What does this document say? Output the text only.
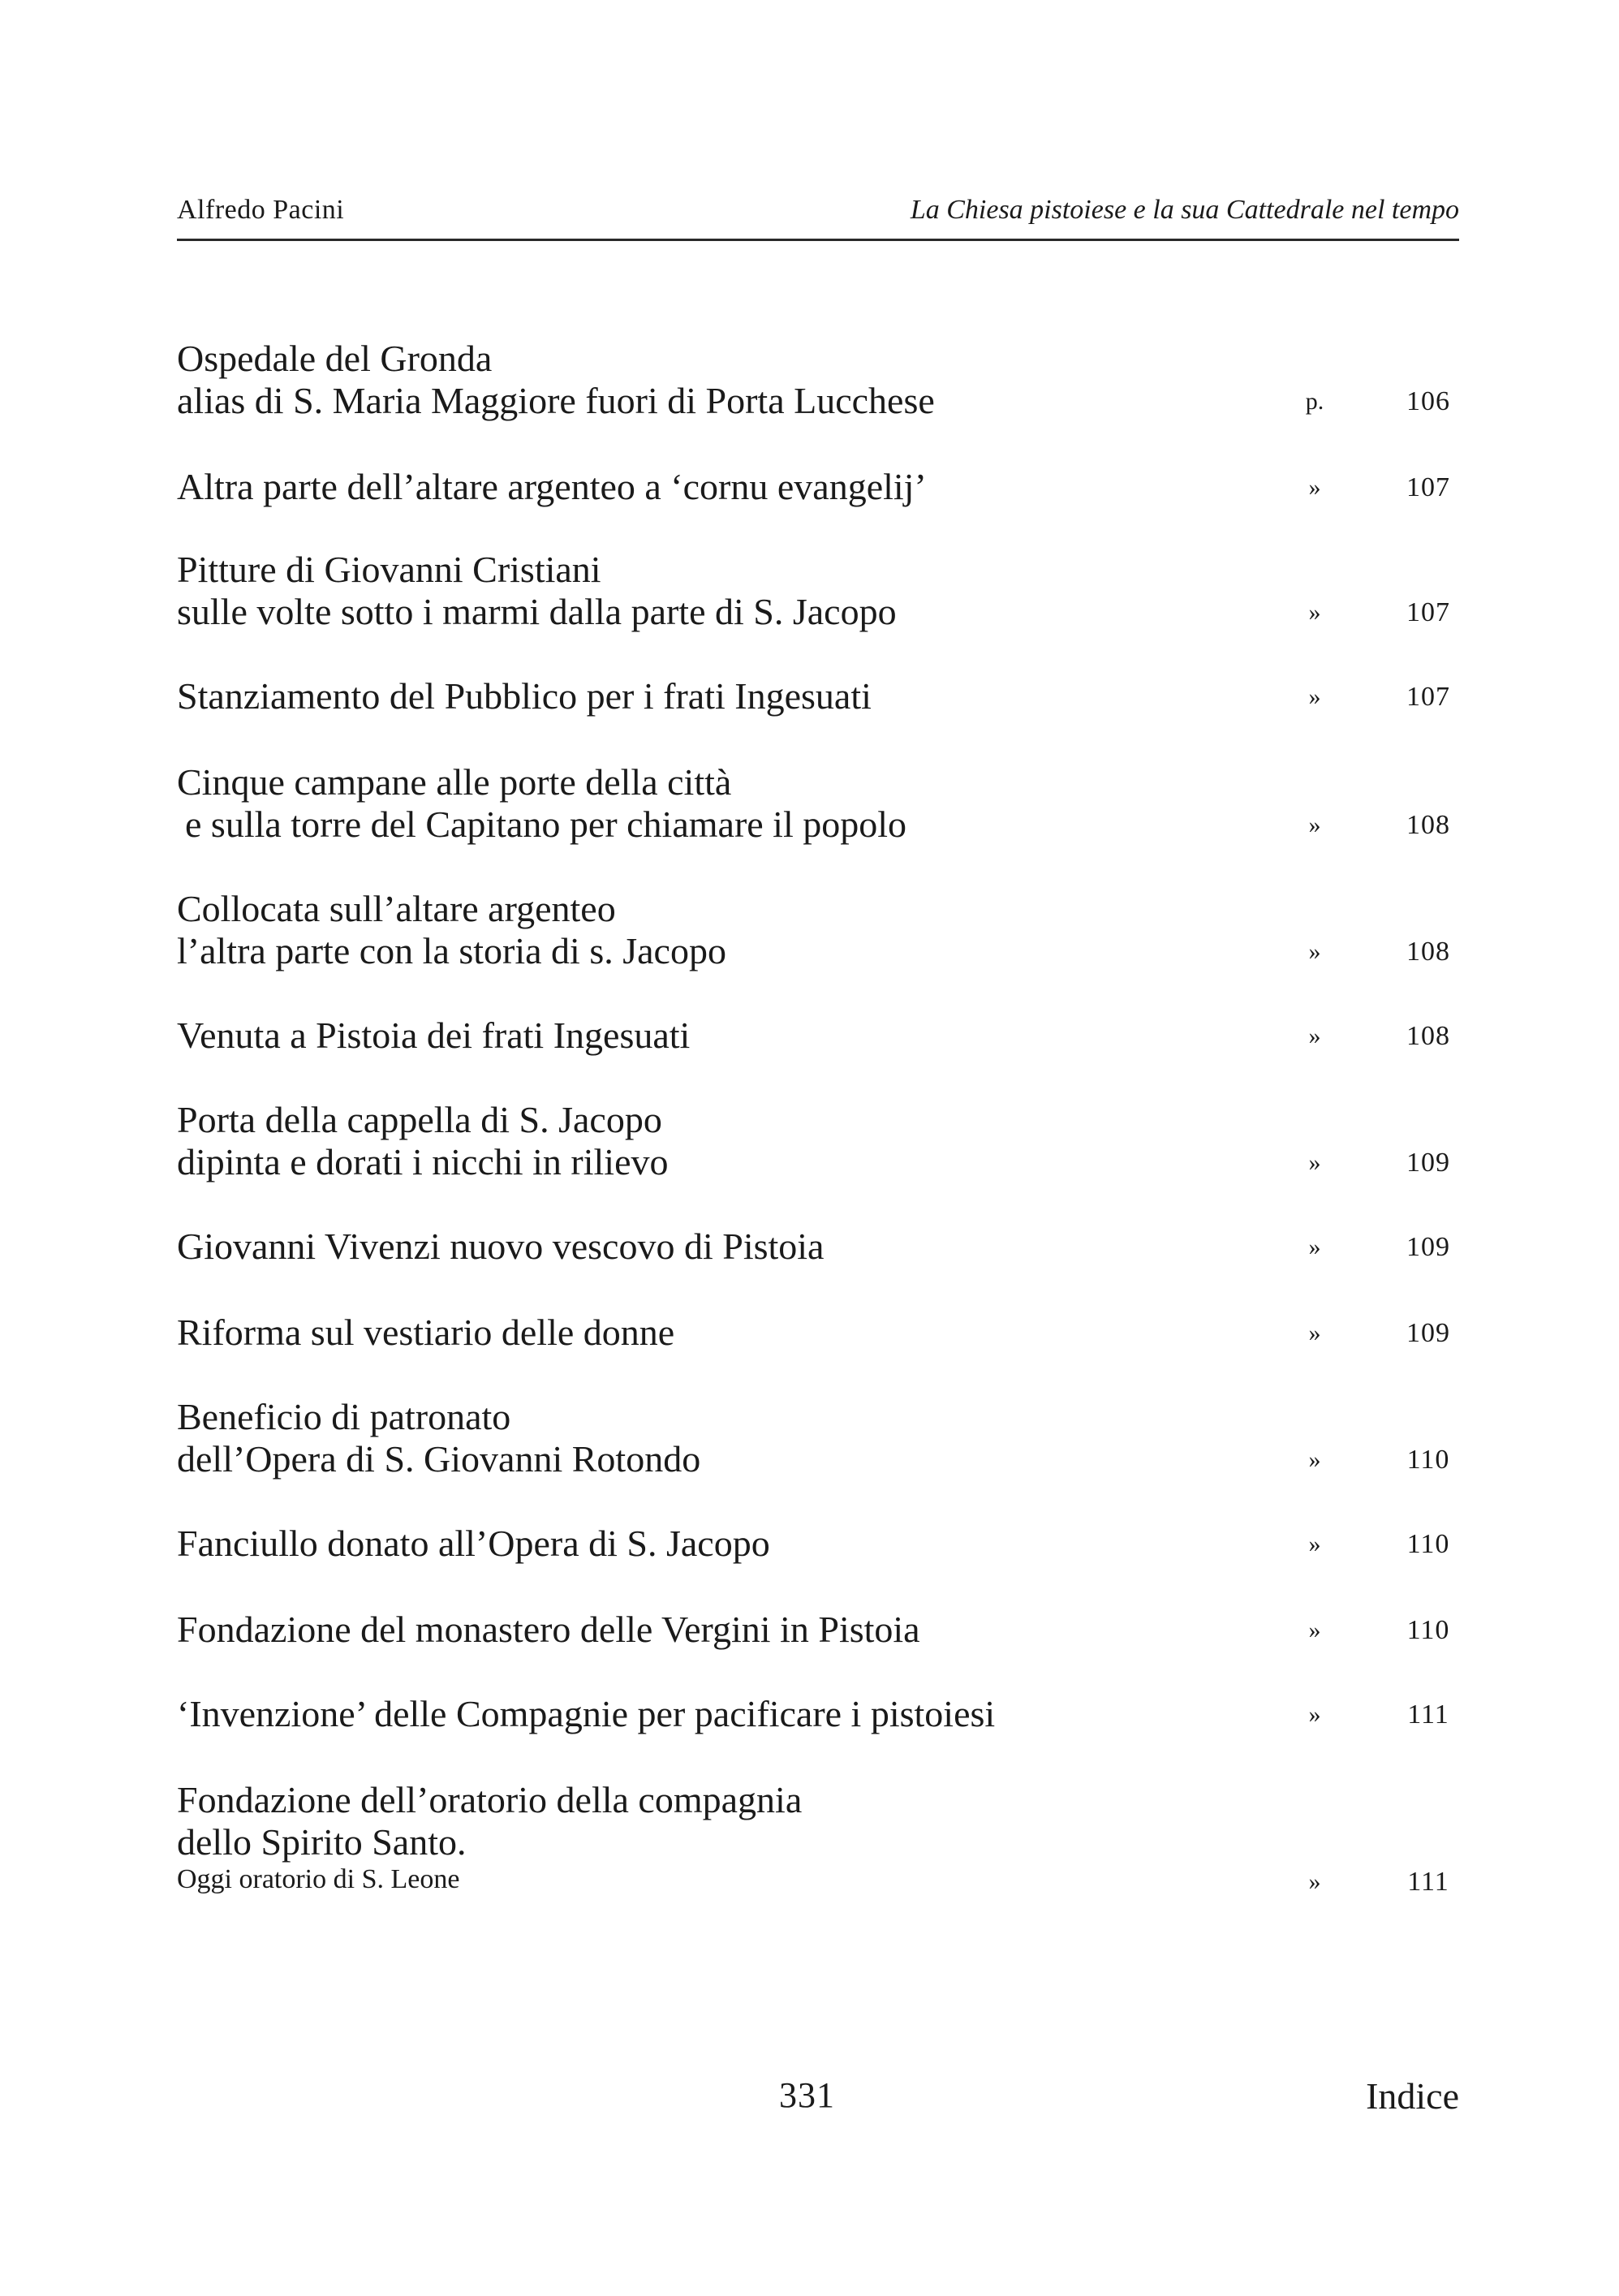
Alfredo Pacini	La Chiesa pistoiese e la sua Cattedrale nel tempo
Ospedale del Gronda
alias di S. Maria Maggiore fuori di Porta Lucchese	p.	106
Altra parte dell’altare argenteo a ‘cornu evangelij’	»	107
Pitture di Giovanni Cristiani
sulle volte sotto i marmi dalla parte di S. Jacopo	»	107
Stanziamento del Pubblico per i frati Ingesuati	»	107
Cinque campane alle porte della città
e sulla torre del Capitano per chiamare il popolo	»	108
Collocata sull’altare argenteo
l’altra parte con la storia di s. Jacopo	»	108
Venuta a Pistoia dei frati Ingesuati	»	108
Porta della cappella di S. Jacopo
dipinta e dorati i nicchi in rilievo	»	109
Giovanni Vivenzi nuovo vescovo di Pistoia	»	109
Riforma sul vestiario delle donne	»	109
Beneficio di patronato
dell’Opera di S. Giovanni Rotondo	»	110
Fanciullo donato all’Opera di S. Jacopo	»	110
Fondazione del monastero delle Vergini in Pistoia	»	110
‘Invenzione’ delle Compagnie per pacificare i pistoiesi	»	111
Fondazione dell’oratorio della compagnia
dello Spirito Santo.
Oggi oratorio di S. Leone	»	111
331	Indice
